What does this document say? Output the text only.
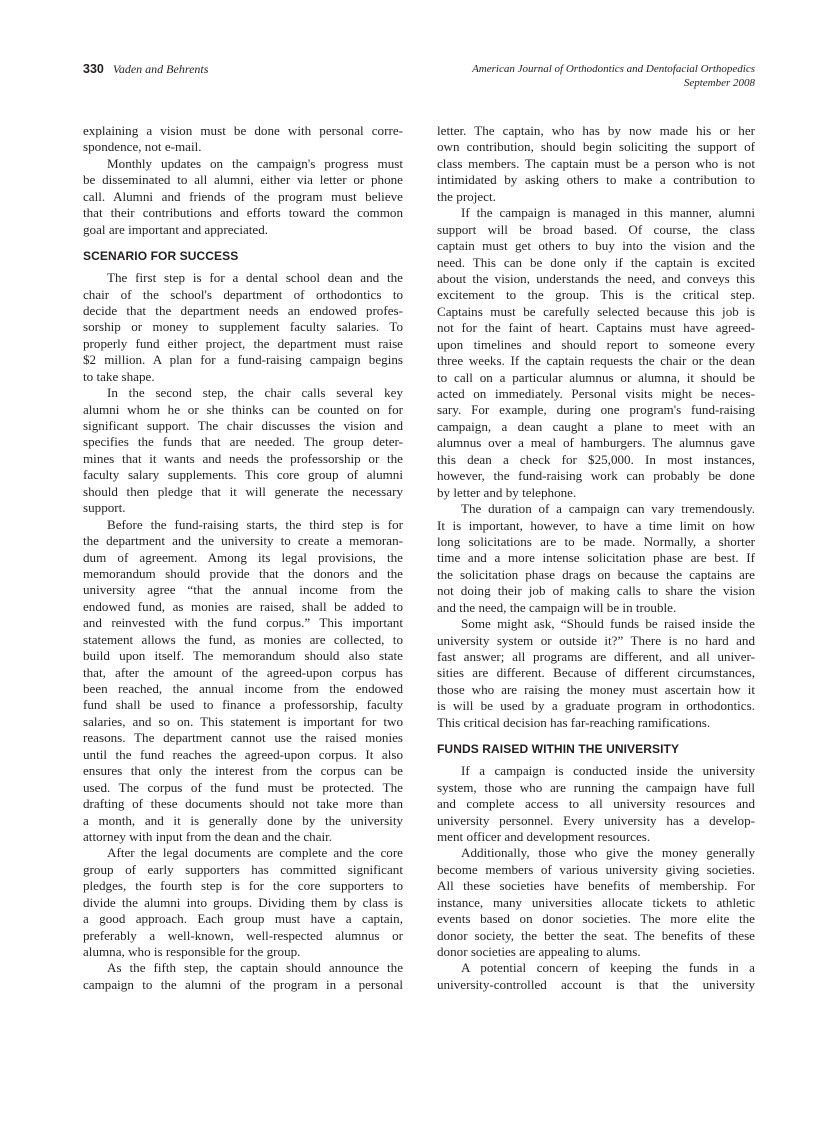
330 Vaden and Behrents	American Journal of Orthodontics and Dentofacial Orthopedics
September 2008
explaining a vision must be done with personal corre-
spondence, not e-mail.
Monthly updates on the campaign's progress must
be disseminated to all alumni, either via letter or phone
call. Alumni and friends of the program must believe
that their contributions and efforts toward the common
goal are important and appreciated.
SCENARIO FOR SUCCESS
The first step is for a dental school dean and the
chair of the school's department of orthodontics to
decide that the department needs an endowed profes-
sorship or money to supplement faculty salaries. To
properly fund either project, the department must raise
$2 million. A plan for a fund-raising campaign begins
to take shape.
In the second step, the chair calls several key
alumni whom he or she thinks can be counted on for
significant support. The chair discusses the vision and
specifies the funds that are needed. The group deter-
mines that it wants and needs the professorship or the
faculty salary supplements. This core group of alumni
should then pledge that it will generate the necessary
support.
Before the fund-raising starts, the third step is for
the department and the university to create a memoran-
dum of agreement. Among its legal provisions, the
memorandum should provide that the donors and the
university agree “that the annual income from the
endowed fund, as monies are raised, shall be added to
and reinvested with the fund corpus.” This important
statement allows the fund, as monies are collected, to
build upon itself. The memorandum should also state
that, after the amount of the agreed-upon corpus has
been reached, the annual income from the endowed
fund shall be used to finance a professorship, faculty
salaries, and so on. This statement is important for two
reasons. The department cannot use the raised monies
until the fund reaches the agreed-upon corpus. It also
ensures that only the interest from the corpus can be
used. The corpus of the fund must be protected. The
drafting of these documents should not take more than
a month, and it is generally done by the university
attorney with input from the dean and the chair.
After the legal documents are complete and the core
group of early supporters has committed significant
pledges, the fourth step is for the core supporters to
divide the alumni into groups. Dividing them by class is
a good approach. Each group must have a captain,
preferably a well-known, well-respected alumnus or
alumna, who is responsible for the group.
As the fifth step, the captain should announce the
campaign to the alumni of the program in a personal
letter. The captain, who has by now made his or her
own contribution, should begin soliciting the support of
class members. The captain must be a person who is not
intimidated by asking others to make a contribution to
the project.
If the campaign is managed in this manner, alumni
support will be broad based. Of course, the class
captain must get others to buy into the vision and the
need. This can be done only if the captain is excited
about the vision, understands the need, and conveys this
excitement to the group. This is the critical step.
Captains must be carefully selected because this job is
not for the faint of heart. Captains must have agreed-
upon timelines and should report to someone every
three weeks. If the captain requests the chair or the dean
to call on a particular alumnus or alumna, it should be
acted on immediately. Personal visits might be neces-
sary. For example, during one program's fund-raising
campaign, a dean caught a plane to meet with an
alumnus over a meal of hamburgers. The alumnus gave
this dean a check for $25,000. In most instances,
however, the fund-raising work can probably be done
by letter and by telephone.
The duration of a campaign can vary tremendously.
It is important, however, to have a time limit on how
long solicitations are to be made. Normally, a shorter
time and a more intense solicitation phase are best. If
the solicitation phase drags on because the captains are
not doing their job of making calls to share the vision
and the need, the campaign will be in trouble.
Some might ask, “Should funds be raised inside the
university system or outside it?” There is no hard and
fast answer; all programs are different, and all univer-
sities are different. Because of different circumstances,
those who are raising the money must ascertain how it
is will be used by a graduate program in orthodontics.
This critical decision has far-reaching ramifications.
FUNDS RAISED WITHIN THE UNIVERSITY
If a campaign is conducted inside the university
system, those who are running the campaign have full
and complete access to all university resources and
university personnel. Every university has a develop-
ment officer and development resources.
Additionally, those who give the money generally
become members of various university giving societies.
All these societies have benefits of membership. For
instance, many universities allocate tickets to athletic
events based on donor societies. The more elite the
donor society, the better the seat. The benefits of these
donor societies are appealing to alums.
A potential concern of keeping the funds in a
university-controlled account is that the university
